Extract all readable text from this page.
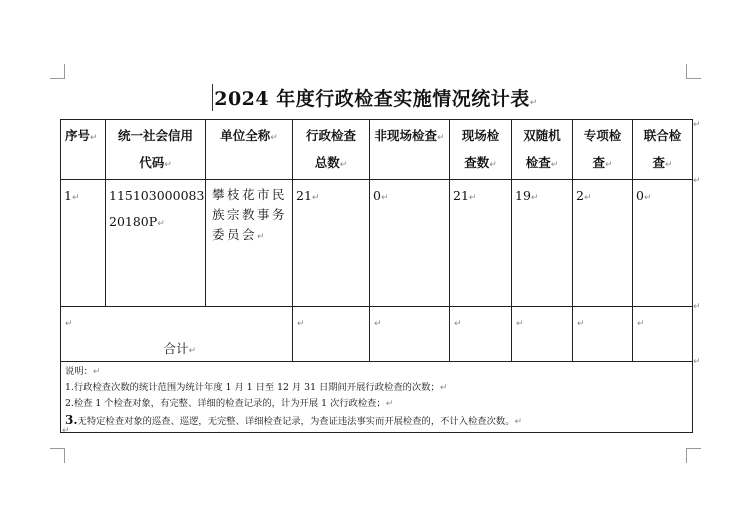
2024 年度行政检查实施情况统计表↵
序号↵	统一社会信用
代码↵	单位全称↵	行政检查
总数↵	非现场检查↵	现场检
查数↵	双随机
检查↵	专项检
查↵	联合检
查↵

1↵	115103000083
20180P↵	攀枝花市民
族宗教事务
委员会↵	21↵	0↵	21↵	19↵	2↵	0↵

↵
合计↵			↵	↵	↵	↵	↵	↵

说明：↵
1.行政检查次数的统计范围为统计年度 1 月 1 日至 12 月 31 日期间开展行政检查的次数；↵
2.检查 1 个检查对象，有完整、详细的检查记录的，计为开展 1 次行政检查；↵
3.无特定检查对象的巡查、巡逻，无完整、详细检查记录，为查证违法事实而开展检查的，不计入检查次数。↵								
↵
↵
↵
↵
↵
